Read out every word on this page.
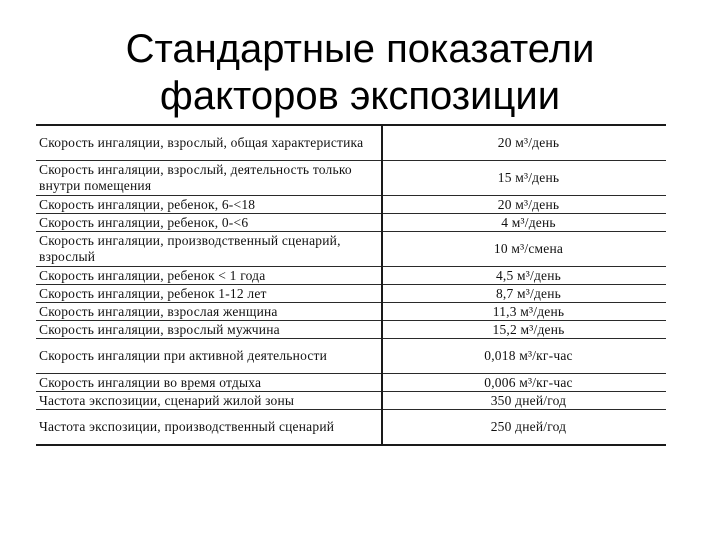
Стандартные показатели
факторов экспозиции
Скорость ингаляции, взрослый, общая характеристика	20 м³/день
Скорость ингаляции, взрослый, деятельность только внутри помещения	15 м³/день
Скорость ингаляции, ребенок, 6-<18	20 м³/день
Скорость ингаляции, ребенок, 0-<6	4 м³/день
Скорость ингаляции, производственный сценарий, взрослый	10 м³/смена
Скорость ингаляции, ребенок < 1 года	4,5 м³/день
Скорость ингаляции, ребенок 1-12 лет	8,7 м³/день
Скорость ингаляции, взрослая женщина	11,3 м³/день
Скорость ингаляции, взрослый мужчина	15,2 м³/день
Скорость ингаляции при активной деятельности	0,018 м³/кг-час
Скорость ингаляции во время отдыха	0,006 м³/кг-час
Частота экспозиции, сценарий жилой зоны	350 дней/год
Частота экспозиции, производственный сценарий	250 дней/год
